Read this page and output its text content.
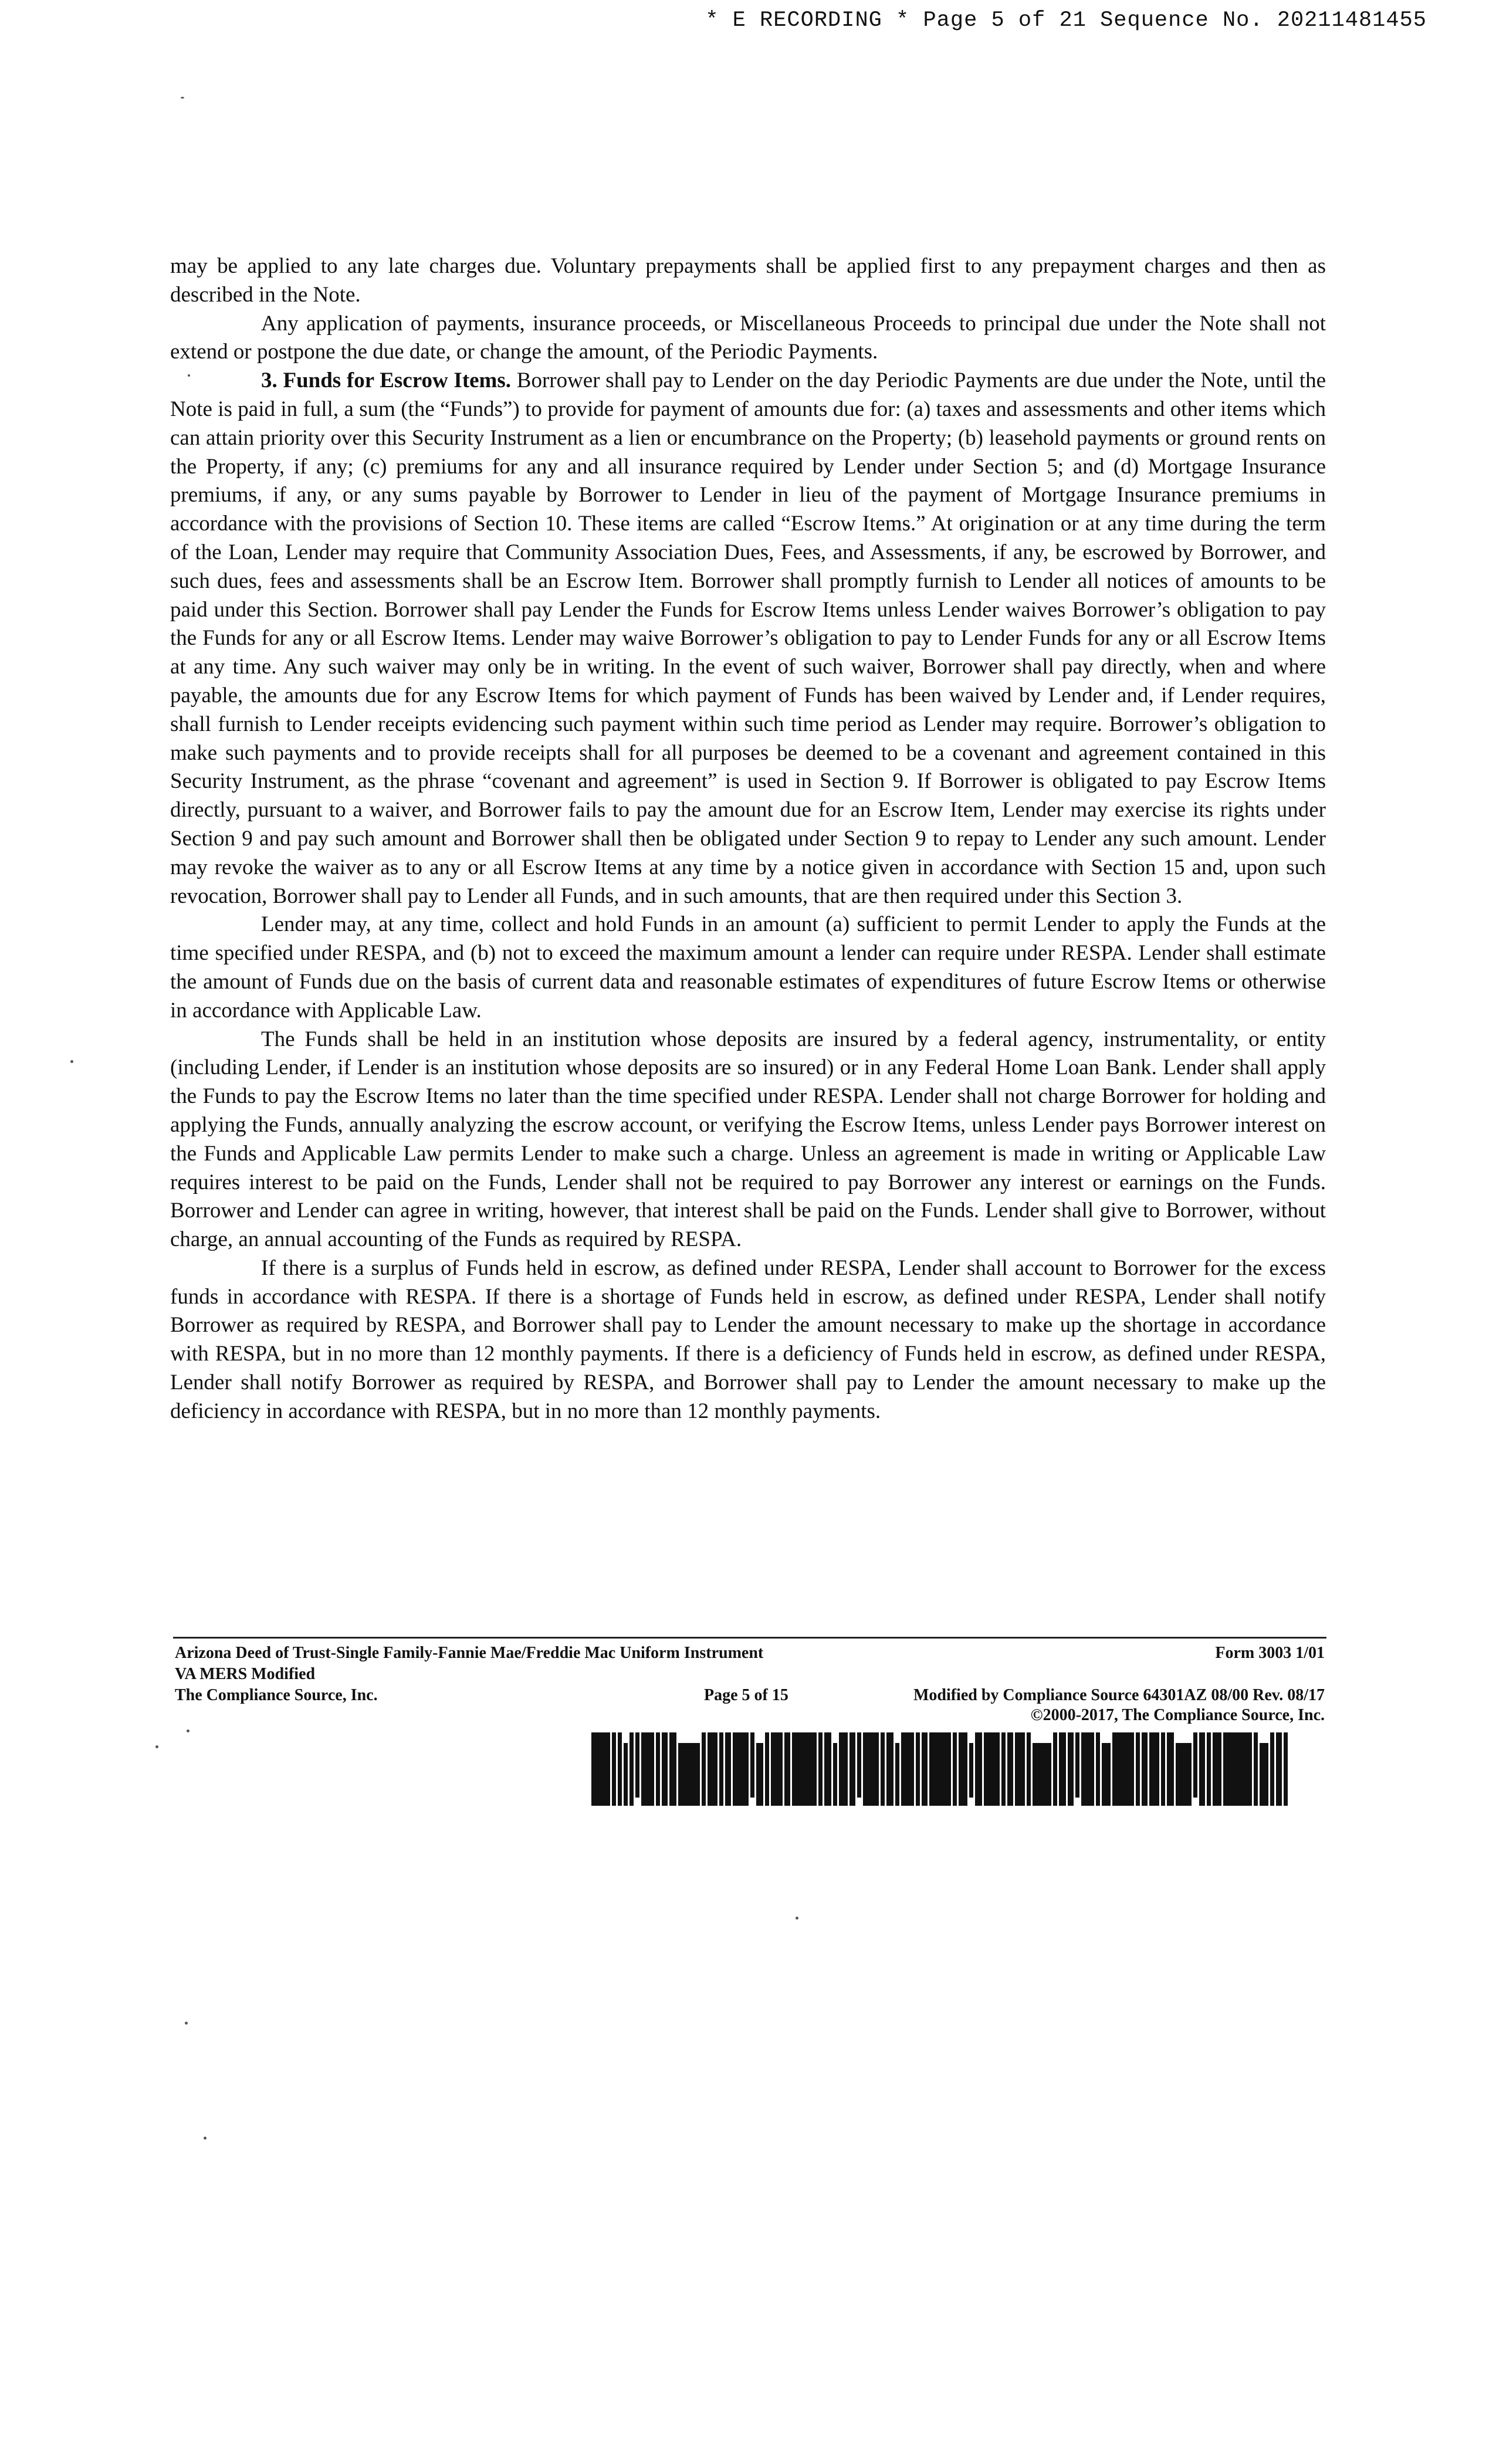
* E RECORDING * Page 5 of 21 Sequence No. 20211481455

may be applied to any late charges due. Voluntary prepayments shall be applied first to any prepayment charges and then as described in the Note.

Any application of payments, insurance proceeds, or Miscellaneous Proceeds to principal due under the Note shall not extend or postpone the due date, or change the amount, of the Periodic Payments.

3. Funds for Escrow Items. Borrower shall pay to Lender on the day Periodic Payments are due under the Note, until the Note is paid in full, a sum (the “Funds”) to provide for payment of amounts due for: (a) taxes and assessments and other items which can attain priority over this Security Instrument as a lien or encumbrance on the Property; (b) leasehold payments or ground rents on the Property, if any; (c) premiums for any and all insurance required by Lender under Section 5; and (d) Mortgage Insurance premiums, if any, or any sums payable by Borrower to Lender in lieu of the payment of Mortgage Insurance premiums in accordance with the provisions of Section 10. These items are called “Escrow Items.” At origination or at any time during the term of the Loan, Lender may require that Community Association Dues, Fees, and Assessments, if any, be escrowed by Borrower, and such dues, fees and assessments shall be an Escrow Item. Borrower shall promptly furnish to Lender all notices of amounts to be paid under this Section. Borrower shall pay Lender the Funds for Escrow Items unless Lender waives Borrower’s obligation to pay the Funds for any or all Escrow Items. Lender may waive Borrower’s obligation to pay to Lender Funds for any or all Escrow Items at any time. Any such waiver may only be in writing. In the event of such waiver, Borrower shall pay directly, when and where payable, the amounts due for any Escrow Items for which payment of Funds has been waived by Lender and, if Lender requires, shall furnish to Lender receipts evidencing such payment within such time period as Lender may require. Borrower’s obligation to make such payments and to provide receipts shall for all purposes be deemed to be a covenant and agreement contained in this Security Instrument, as the phrase “covenant and agreement” is used in Section 9. If Borrower is obligated to pay Escrow Items directly, pursuant to a waiver, and Borrower fails to pay the amount due for an Escrow Item, Lender may exercise its rights under Section 9 and pay such amount and Borrower shall then be obligated under Section 9 to repay to Lender any such amount. Lender may revoke the waiver as to any or all Escrow Items at any time by a notice given in accordance with Section 15 and, upon such revocation, Borrower shall pay to Lender all Funds, and in such amounts, that are then required under this Section 3.

Lender may, at any time, collect and hold Funds in an amount (a) sufficient to permit Lender to apply the Funds at the time specified under RESPA, and (b) not to exceed the maximum amount a lender can require under RESPA. Lender shall estimate the amount of Funds due on the basis of current data and reasonable estimates of expenditures of future Escrow Items or otherwise in accordance with Applicable Law.

The Funds shall be held in an institution whose deposits are insured by a federal agency, instrumentality, or entity (including Lender, if Lender is an institution whose deposits are so insured) or in any Federal Home Loan Bank. Lender shall apply the Funds to pay the Escrow Items no later than the time specified under RESPA. Lender shall not charge Borrower for holding and applying the Funds, annually analyzing the escrow account, or verifying the Escrow Items, unless Lender pays Borrower interest on the Funds and Applicable Law permits Lender to make such a charge. Unless an agreement is made in writing or Applicable Law requires interest to be paid on the Funds, Lender shall not be required to pay Borrower any interest or earnings on the Funds. Borrower and Lender can agree in writing, however, that interest shall be paid on the Funds. Lender shall give to Borrower, without charge, an annual accounting of the Funds as required by RESPA.

If there is a surplus of Funds held in escrow, as defined under RESPA, Lender shall account to Borrower for the excess funds in accordance with RESPA. If there is a shortage of Funds held in escrow, as defined under RESPA, Lender shall notify Borrower as required by RESPA, and Borrower shall pay to Lender the amount necessary to make up the shortage in accordance with RESPA, but in no more than 12 monthly payments. If there is a deficiency of Funds held in escrow, as defined under RESPA, Lender shall notify Borrower as required by RESPA, and Borrower shall pay to Lender the amount necessary to make up the deficiency in accordance with RESPA, but in no more than 12 monthly payments.

Arizona Deed of Trust-Single Family-Fannie Mae/Freddie Mac Uniform Instrument	Form 3003 1/01
VA MERS Modified
The Compliance Source, Inc.	Page 5 of 15	Modified by Compliance Source 64301AZ 08/00 Rev. 08/17
©2000-2017, The Compliance Source, Inc.
